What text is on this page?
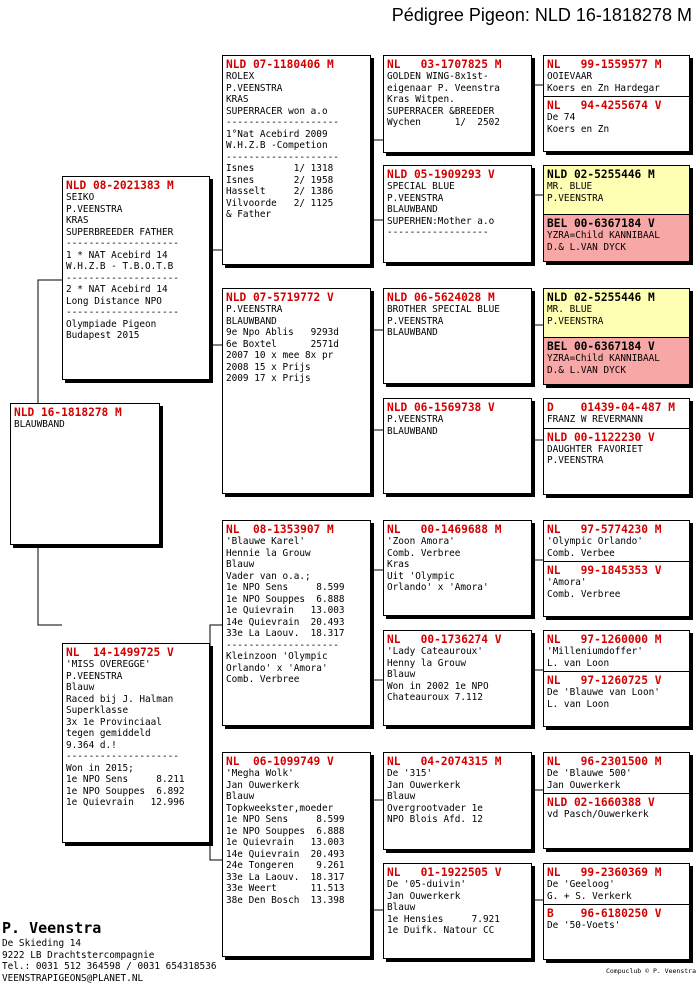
Pédigree Pigeon: NLD 16-1818278 M
NLD 16-1818278 M
BLAUWBAND
NLD 08-2021383 M
SEIKO
P.VEENSTRA
KRAS
SUPERBREEDER FATHER
--------------------
1 * NAT Acebird 14
W.H.Z.B - T.B.O.T.B
--------------------
2 * NAT Acebird 14
Long Distance NPO
--------------------
Olympiade Pigeon
Budapest 2015
NL  14-1499725 V
'MISS OVEREGGE'
P.VEENSTRA
Blauw
Raced bij J. Halman
Superklasse
3x 1e Provinciaal
tegen gemiddeld
9.364 d.!
--------------------
Won in 2015;
1e NPO Sens     8.211
1e NPO Souppes  6.892
1e Quievrain   12.996
NLD 07-1180406 M
ROLEX
P.VEENSTRA
KRAS
SUPERRACER won a.o
--------------------
1°Nat Acebird 2009
W.H.Z.B -Competion
--------------------
Isnes       1/ 1318
Isnes       2/ 1958
Hasselt     2/ 1386
Vilvoorde   2/ 1125
& Father
NLD 07-5719772 V
P.VEENSTRA
BLAUWBAND
9e Npo Ablis   9293d
6e Boxtel      2571d
2007 10 x mee 8x pr
2008 15 x Prijs
2009 17 x Prijs
NL  08-1353907 M
'Blauwe Karel'
Hennie la Grouw
Blauw
Vader van o.a.;
1e NPO Sens     8.599
1e NPO Souppes  6.888
1e Quievrain   13.003
14e Quievrain  20.493
33e La Laouv.  18.317
--------------------
Kleinzoon 'Olympic
Orlando' x 'Amora'
Comb. Verbree
NL  06-1099749 V
'Megha Wolk'
Jan Ouwerkerk
Blauw
Topkweekster,moeder
1e NPO Sens     8.599
1e NPO Souppes  6.888
1e Quievrain   13.003
14e Quievrain  20.493
24e Tongeren    9.261
33e La Laouv.  18.317
33e Weert      11.513
38e Den Bosch  13.398
NL   03-1707825 M
GOLDEN WING-8x1st-
eigenaar P. Veenstra
Kras Witpen.
SUPERRACER &BREEDER
Wychen      1/  2502
NLD 05-1909293 V
SPECIAL BLUE
P.VEENSTRA
BLAUWBAND
SUPERHEN:Mother a.o
------------------
NLD 06-5624028 M
BROTHER SPECIAL BLUE
P.VEENSTRA
BLAUWBAND
NLD 06-1569738 V
P.VEENSTRA
BLAUWBAND
NL   00-1469688 M
'Zoon Amora'
Comb. Verbree
Kras
Uit 'Olympic
Orlando' x 'Amora'
NL   00-1736274 V
'Lady Cateauroux'
Henny la Grouw
Blauw
Won in 2002 1e NPO
Chateauroux 7.112
NL   04-2074315 M
De '315'
Jan Ouwerkerk
Blauw
Overgrootvader 1e
NPO Blois Afd. 12
NL   01-1922505 V
De '05-duivin'
Jan Ouwerkerk
Blauw
1e Hensies     7.921
1e Duifk. Natour CC
NL   99-1559577 M
OOIEVAAR
Koers en Zn Hardegar
NL   94-4255674 V
De 74
Koers en Zn
NLD 02-5255446 M
MR. BLUE
P.VEENSTRA
BEL 00-6367184 V
YZRA=Child KANNIBAAL
D.& L.VAN DYCK
NLD 02-5255446 M
MR. BLUE
P.VEENSTRA
BEL 00-6367184 V
YZRA=Child KANNIBAAL
D.& L.VAN DYCK
D    01439-04-487 M
FRANZ W REVERMANN
NLD 00-1122230 V
DAUGHTER FAVORIET
P.VEENSTRA
NL   97-5774230 M
'Olympic Orlando'
Comb. Verbee
NL   99-1845353 V
'Amora'
Comb. Verbree
NL   97-1260000 M
'Milleniumdoffer'
L. van Loon
NL   97-1260725 V
De 'Blauwe van Loon'
L. van Loon
NL   96-2301500 M
De 'Blauwe 500'
Jan Ouwerkerk
NLD 02-1660388 V
vd Pasch/Ouwerkerk
NL   99-2360369 M
De 'Geeloog'
G. + S. Verkerk
B    96-6180250 V
De '50-Voets'
P. Veenstra
De Skieding 14
9222 LB Drachtstercompagnie
Tel.: 0031 512 364598 / 0031 654318536
VEENSTRAPIGEONS@PLANET.NL
Compuclub © P. Veenstra
